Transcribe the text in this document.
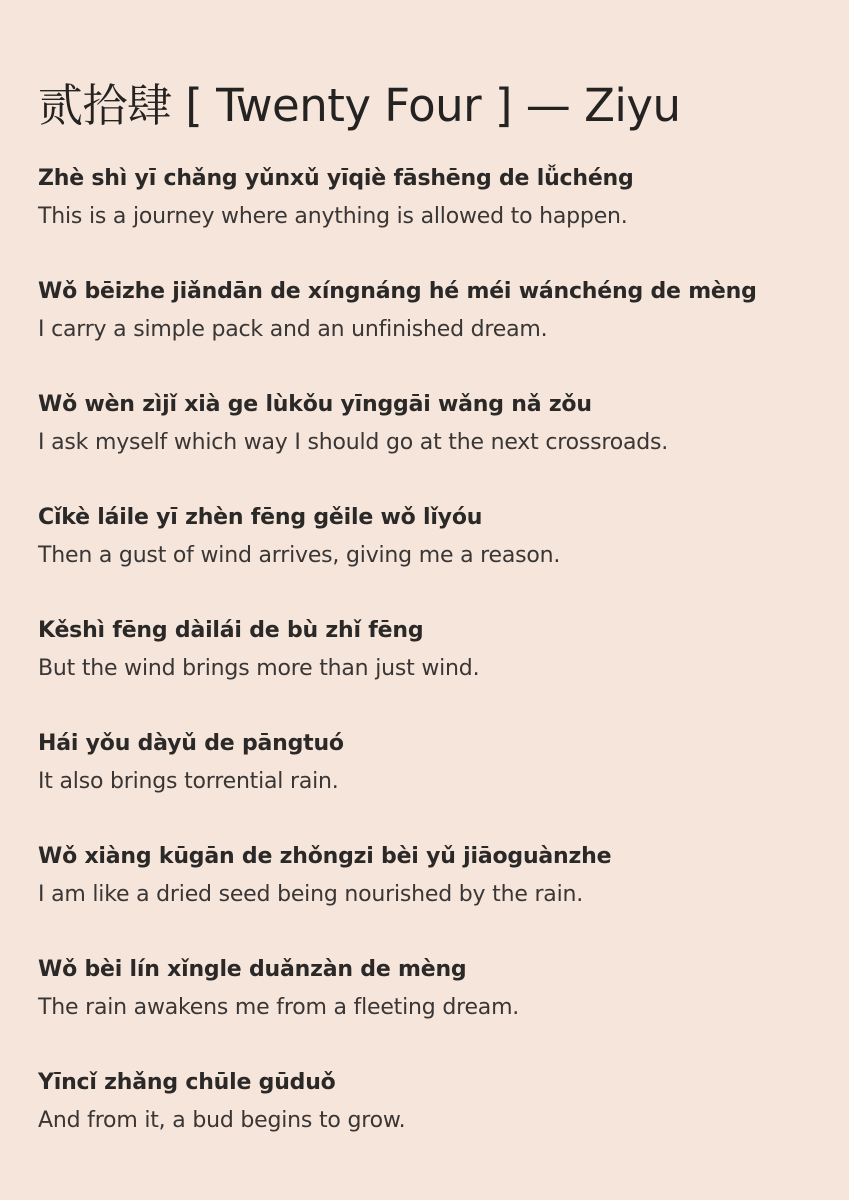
贰拾肆 [ Twenty Four ] — Ziyu
Zhè shì yī chǎng yǔnxǔ yīqiè fāshēng de lǚchéng
This is a journey where anything is allowed to happen.
Wǒ bēizhe jiǎndān de xíngnáng hé méi wánchéng de mèng
I carry a simple pack and an unfinished dream.
Wǒ wèn zìjǐ xià ge lùkǒu yīnggāi wǎng nǎ zǒu
I ask myself which way I should go at the next crossroads.
Cǐkè láile yī zhèn fēng gěile wǒ lǐyóu
Then a gust of wind arrives, giving me a reason.
Kěshì fēng dàilái de bù zhǐ fēng
But the wind brings more than just wind.
Hái yǒu dàyǔ de pāngtuó
It also brings torrential rain.
Wǒ xiàng kūgān de zhǒngzi bèi yǔ jiāoguànzhe
I am like a dried seed being nourished by the rain.
Wǒ bèi lín xǐngle duǎnzàn de mèng
The rain awakens me from a fleeting dream.
Yīncǐ zhǎng chūle gūduǒ
And from it, a bud begins to grow.
